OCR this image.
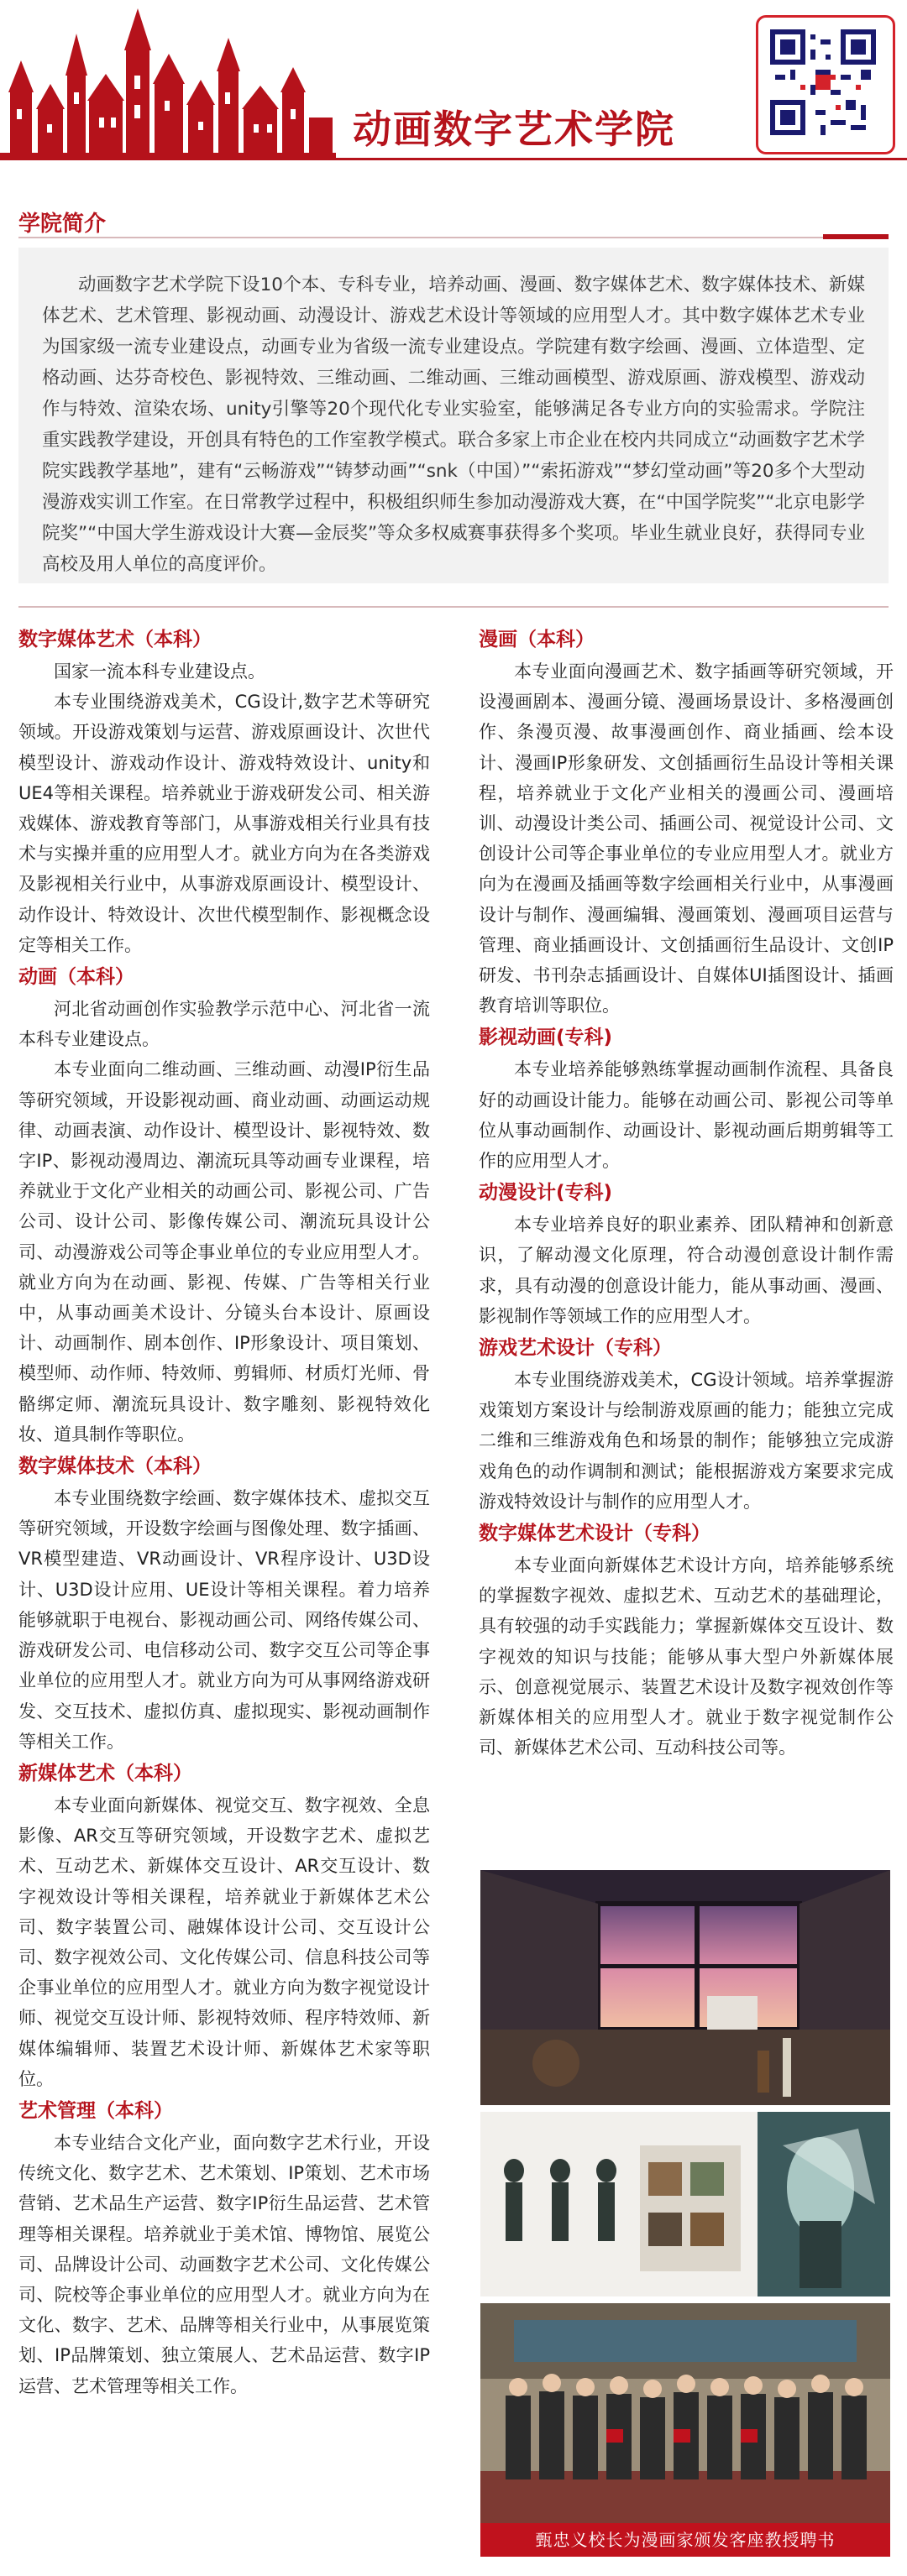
动画数字艺术学院
学院简介

动画数字艺术学院下设10个本、专科专业，培养动画、漫画、数字媒体艺术、数字媒体技术、新媒体艺术、艺术管理、影视动画、动漫设计、游戏艺术设计等领域的应用型人才。其中数字媒体艺术专业为国家级一流专业建设点，动画专业为省级一流专业建设点。学院建有数字绘画、漫画、立体造型、定格动画、达芬奇校色、影视特效、三维动画、二维动画、三维动画模型、游戏原画、游戏模型、游戏动作与特效、渲染农场、unity引擎等20个现代化专业实验室，能够满足各专业方向的实验需求。学院注重实践教学建设，开创具有特色的工作室教学模式。联合多家上市企业在校内共同成立“动画数字艺术学院实践教学基地”，建有“云畅游戏”“铸梦动画”“snk（中国）”“索拓游戏”“梦幻堂动画”等20多个大型动漫游戏实训工作室。在日常教学过程中，积极组织师生参加动漫游戏大赛，在“中国学院奖”“北京电影学院奖”“中国大学生游戏设计大赛—金辰奖”等众多权威赛事获得多个奖项。毕业生就业良好，获得同专业高校及用人单位的高度评价。

数字媒体艺术（本科）

国家一流本科专业建设点。

本专业围绕游戏美术，CG设计,数字艺术等研究领域。开设游戏策划与运营、游戏原画设计、次世代模型设计、游戏动作设计、游戏特效设计、unity和UE4等相关课程。培养就业于游戏研发公司、相关游戏媒体、游戏教育等部门，从事游戏相关行业具有技术与实操并重的应用型人才。就业方向为在各类游戏及影视相关行业中，从事游戏原画设计、模型设计、动作设计、特效设计、次世代模型制作、影视概念设定等相关工作。

动画（本科）

河北省动画创作实验教学示范中心、河北省一流本科专业建设点。

本专业面向二维动画、三维动画、动漫IP衍生品等研究领域，开设影视动画、商业动画、动画运动规律、动画表演、动作设计、模型设计、影视特效、数字IP、影视动漫周边、潮流玩具等动画专业课程，培养就业于文化产业相关的动画公司、影视公司、广告公司、设计公司、影像传媒公司、潮流玩具设计公司、动漫游戏公司等企事业单位的专业应用型人才。就业方向为在动画、影视、传媒、广告等相关行业中，从事动画美术设计、分镜头台本设计、原画设计、动画制作、剧本创作、IP形象设计、项目策划、模型师、动作师、特效师、剪辑师、材质灯光师、骨骼绑定师、潮流玩具设计、数字雕刻、影视特效化妆、道具制作等职位。

数字媒体技术（本科）

本专业围绕数字绘画、数字媒体技术、虚拟交互等研究领域，开设数字绘画与图像处理、数字插画、VR模型建造、VR动画设计、VR程序设计、U3D设计、U3D设计应用、UE设计等相关课程。着力培养能够就职于电视台、影视动画公司、网络传媒公司、游戏研发公司、电信移动公司、数字交互公司等企事业单位的应用型人才。就业方向为可从事网络游戏研发、交互技术、虚拟仿真、虚拟现实、影视动画制作等相关工作。

新媒体艺术（本科）

本专业面向新媒体、视觉交互、数字视效、全息影像、AR交互等研究领域，开设数字艺术、虚拟艺术、互动艺术、新媒体交互设计、AR交互设计、数字视效设计等相关课程，培养就业于新媒体艺术公司、数字装置公司、融媒体设计公司、交互设计公司、数字视效公司、文化传媒公司、信息科技公司等企事业单位的应用型人才。就业方向为数字视觉设计师、视觉交互设计师、影视特效师、程序特效师、新媒体编辑师、装置艺术设计师、新媒体艺术家等职位。

艺术管理（本科）

本专业结合文化产业，面向数字艺术行业，开设传统文化、数字艺术、艺术策划、IP策划、艺术市场营销、艺术品生产运营、数字IP衍生品运营、艺术管理等相关课程。培养就业于美术馆、博物馆、展览公司、品牌设计公司、动画数字艺术公司、文化传媒公司、院校等企事业单位的应用型人才。就业方向为在文化、数字、艺术、品牌等相关行业中，从事展览策划、IP品牌策划、独立策展人、艺术品运营、数字IP运营、艺术管理等相关工作。

漫画（本科）

本专业面向漫画艺术、数字插画等研究领域，开设漫画剧本、漫画分镜、漫画场景设计、多格漫画创作、条漫页漫、故事漫画创作、商业插画、绘本设计、漫画IP形象研发、文创插画衍生品设计等相关课程，培养就业于文化产业相关的漫画公司、漫画培训、动漫设计类公司、插画公司、视觉设计公司、文创设计公司等企事业单位的专业应用型人才。就业方向为在漫画及插画等数字绘画相关行业中，从事漫画设计与制作、漫画编辑、漫画策划、漫画项目运营与管理、商业插画设计、文创插画衍生品设计、文创IP研发、书刊杂志插画设计、自媒体UI插图设计、插画教育培训等职位。

影视动画(专科)

本专业培养能够熟练掌握动画制作流程、具备良好的动画设计能力。能够在动画公司、影视公司等单位从事动画制作、动画设计、影视动画后期剪辑等工作的应用型人才。

动漫设计(专科)

本专业培养良好的职业素养、团队精神和创新意识，了解动漫文化原理，符合动漫创意设计制作需求，具有动漫的创意设计能力，能从事动画、漫画、影视制作等领域工作的应用型人才。

游戏艺术设计（专科）

本专业围绕游戏美术，CG设计领域。培养掌握游戏策划方案设计与绘制游戏原画的能力；能独立完成二维和三维游戏角色和场景的制作；能够独立完成游戏角色的动作调制和测试；能根据游戏方案要求完成游戏特效设计与制作的应用型人才。

数字媒体艺术设计（专科）

本专业面向新媒体艺术设计方向，培养能够系统的掌握数字视效、虚拟艺术、互动艺术的基础理论，具有较强的动手实践能力；掌握新媒体交互设计、数字视效的知识与技能；能够从事大型户外新媒体展示、创意视觉展示、装置艺术设计及数字视效创作等新媒体相关的应用型人才。就业于数字视觉制作公司、新媒体艺术公司、互动科技公司等。

甄忠义校长为漫画家颁发客座教授聘书
